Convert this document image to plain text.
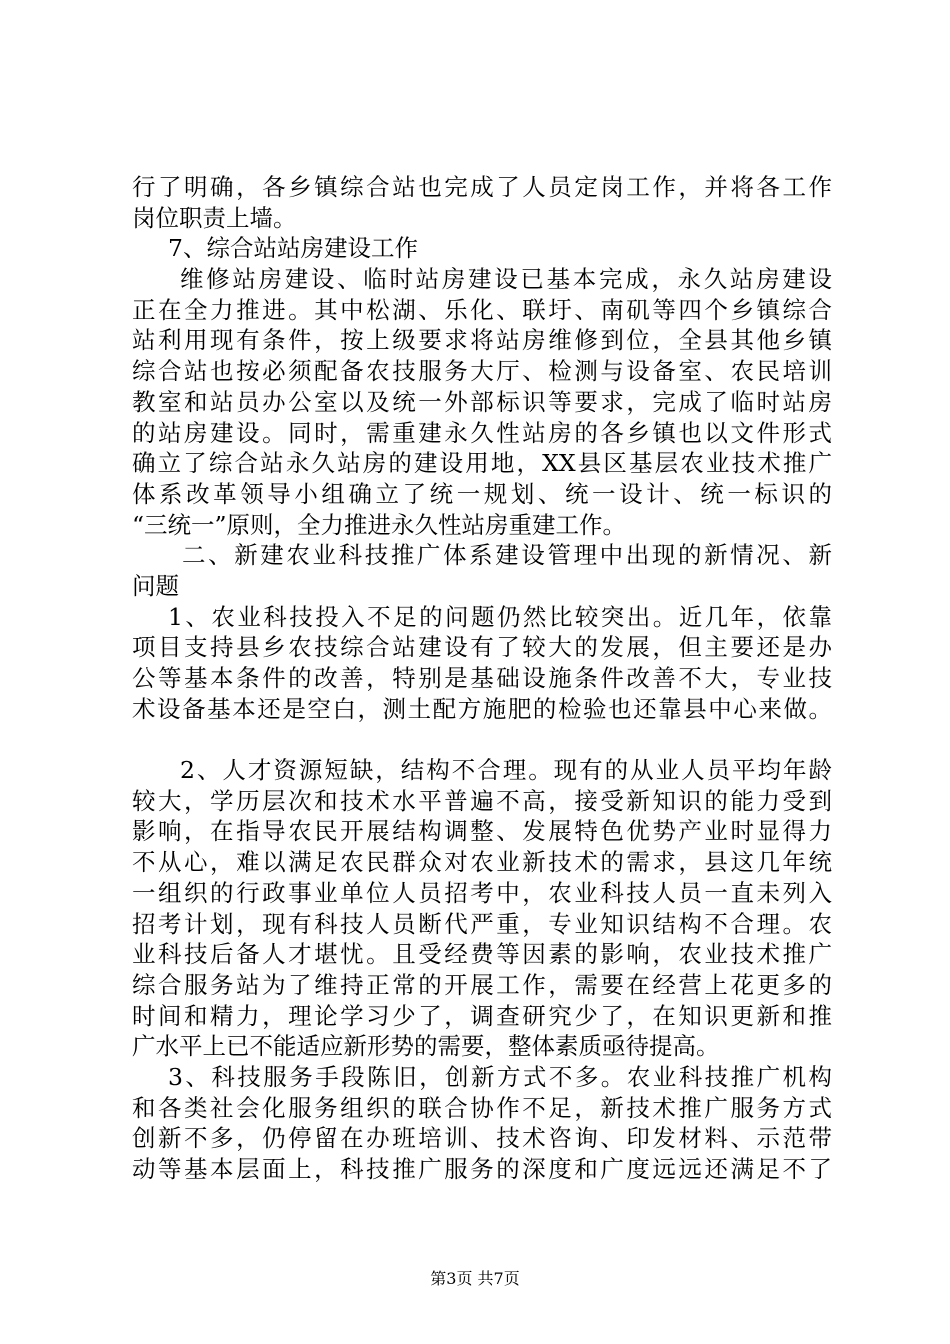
行了明确，各乡镇综合站也完成了人员定岗工作，并将各工作
岗位职责上墙。
7、综合站站房建设工作
维修站房建设、临时站房建设已基本完成，永久站房建设
正在全力推进。其中松湖、乐化、联圩、南矶等四个乡镇综合
站利用现有条件，按上级要求将站房维修到位，全县其他乡镇
综合站也按必须配备农技服务大厅、检测与设备室、农民培训
教室和站员办公室以及统一外部标识等要求，完成了临时站房
的站房建设。同时，需重建永久性站房的各乡镇也以文件形式
确立了综合站永久站房的建设用地，XX县区基层农业技术推广
体系改革领导小组确立了统一规划、统一设计、统一标识的
“三统一”原则，全力推进永久性站房重建工作。
二、新建农业科技推广体系建设管理中出现的新情况、新
问题
1、农业科技投入不足的问题仍然比较突出。近几年，依靠
项目支持县乡农技综合站建设有了较大的发展，但主要还是办
公等基本条件的改善，特别是基础设施条件改善不大，专业技
术设备基本还是空白，测土配方施肥的检验也还靠县中心来做。
2、人才资源短缺，结构不合理。现有的从业人员平均年龄
较大，学历层次和技术水平普遍不高，接受新知识的能力受到
影响，在指导农民开展结构调整、发展特色优势产业时显得力
不从心，难以满足农民群众对农业新技术的需求，县这几年统
一组织的行政事业单位人员招考中，农业科技人员一直未列入
招考计划，现有科技人员断代严重，专业知识结构不合理。农
业科技后备人才堪忧。且受经费等因素的影响，农业技术推广
综合服务站为了维持正常的开展工作，需要在经营上花更多的
时间和精力，理论学习少了，调查研究少了，在知识更新和推
广水平上已不能适应新形势的需要，整体素质亟待提高。
3、科技服务手段陈旧，创新方式不多。农业科技推广机构
和各类社会化服务组织的联合协作不足，新技术推广服务方式
创新不多，仍停留在办班培训、技术咨询、印发材料、示范带
动等基本层面上，科技推广服务的深度和广度远远还满足不了
第3页 共7页
